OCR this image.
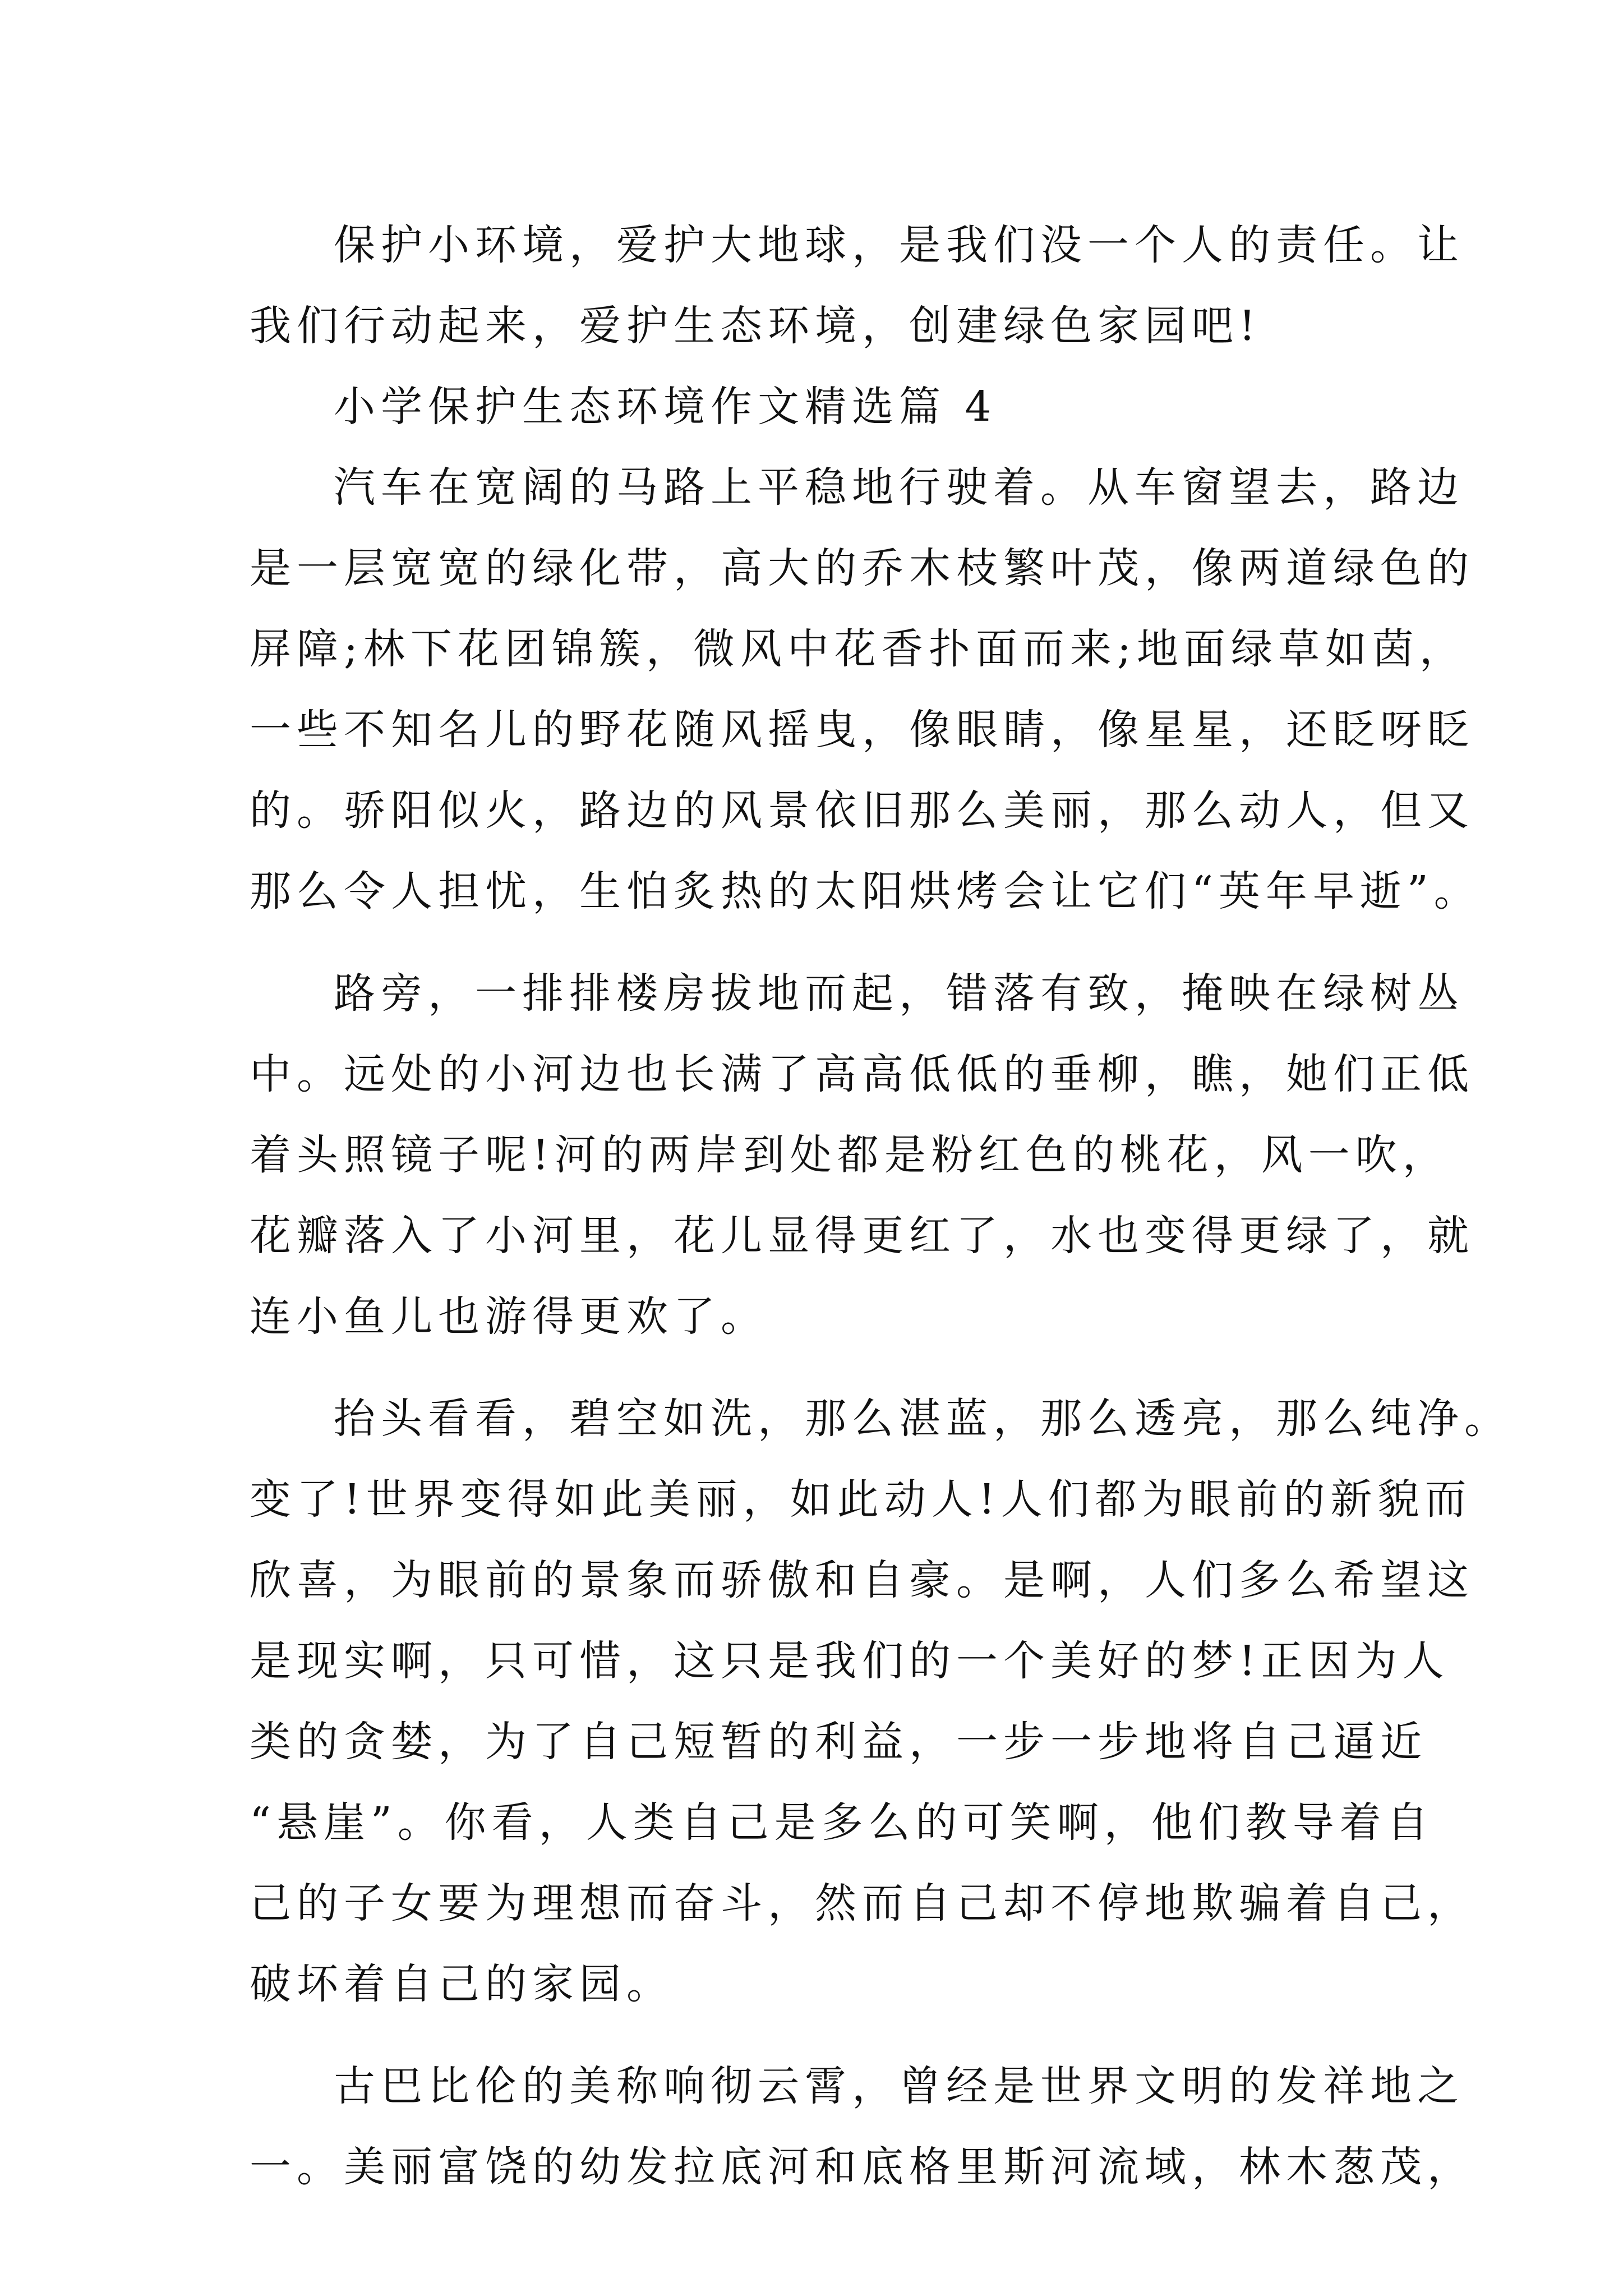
保护小环境，爱护大地球，是我们没一个人的责任。让
我们行动起来，爱护生态环境，创建绿色家园吧!
小学保护生态环境作文精选篇 4
汽车在宽阔的马路上平稳地行驶着。从车窗望去，路边
是一层宽宽的绿化带，高大的乔木枝繁叶茂，像两道绿色的
屏障;林下花团锦簇，微风中花香扑面而来;地面绿草如茵，
一些不知名儿的野花随风摇曳，像眼睛，像星星，还眨呀眨
的。骄阳似火，路边的风景依旧那么美丽，那么动人，但又
那么令人担忧，生怕炙热的太阳烘烤会让它们“英年早逝”。
路旁，一排排楼房拔地而起，错落有致，掩映在绿树丛
中。远处的小河边也长满了高高低低的垂柳，瞧，她们正低
着头照镜子呢!河的两岸到处都是粉红色的桃花，风一吹，
花瓣落入了小河里，花儿显得更红了，水也变得更绿了，就
连小鱼儿也游得更欢了。
抬头看看，碧空如洗，那么湛蓝，那么透亮，那么纯净。
变了!世界变得如此美丽，如此动人!人们都为眼前的新貌而
欣喜，为眼前的景象而骄傲和自豪。是啊，人们多么希望这
是现实啊，只可惜，这只是我们的一个美好的梦!正因为人
类的贪婪，为了自己短暂的利益，一步一步地将自己逼近
“悬崖”。你看，人类自己是多么的可笑啊，他们教导着自
己的子女要为理想而奋斗，然而自己却不停地欺骗着自己，
破坏着自己的家园。
古巴比伦的美称响彻云霄，曾经是世界文明的发祥地之
一。美丽富饶的幼发拉底河和底格里斯河流域，林木葱茂，
